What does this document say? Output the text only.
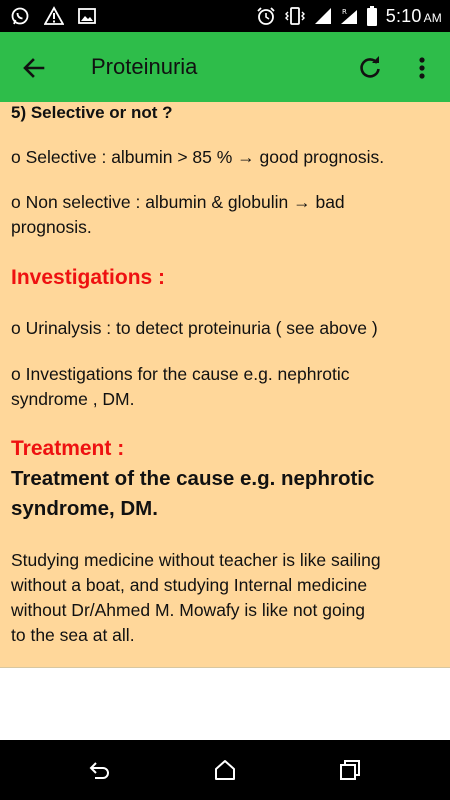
R 5:10 AM
Proteinuria

5) Selective or not ?

o Selective : albumin > 85 % → good prognosis.

o Non selective : albumin & globulin → bad

prognosis.

Investigations :

o Urinalysis : to detect proteinuria ( see above )

o Investigations for the cause e.g. nephrotic

syndrome , DM.

Treatment :

Treatment of the cause e.g. nephrotic

syndrome, DM.

Studying medicine without teacher is like sailing

without a boat, and studying Internal medicine

without Dr/Ahmed M. Mowafy is like not going

to the sea at all.
